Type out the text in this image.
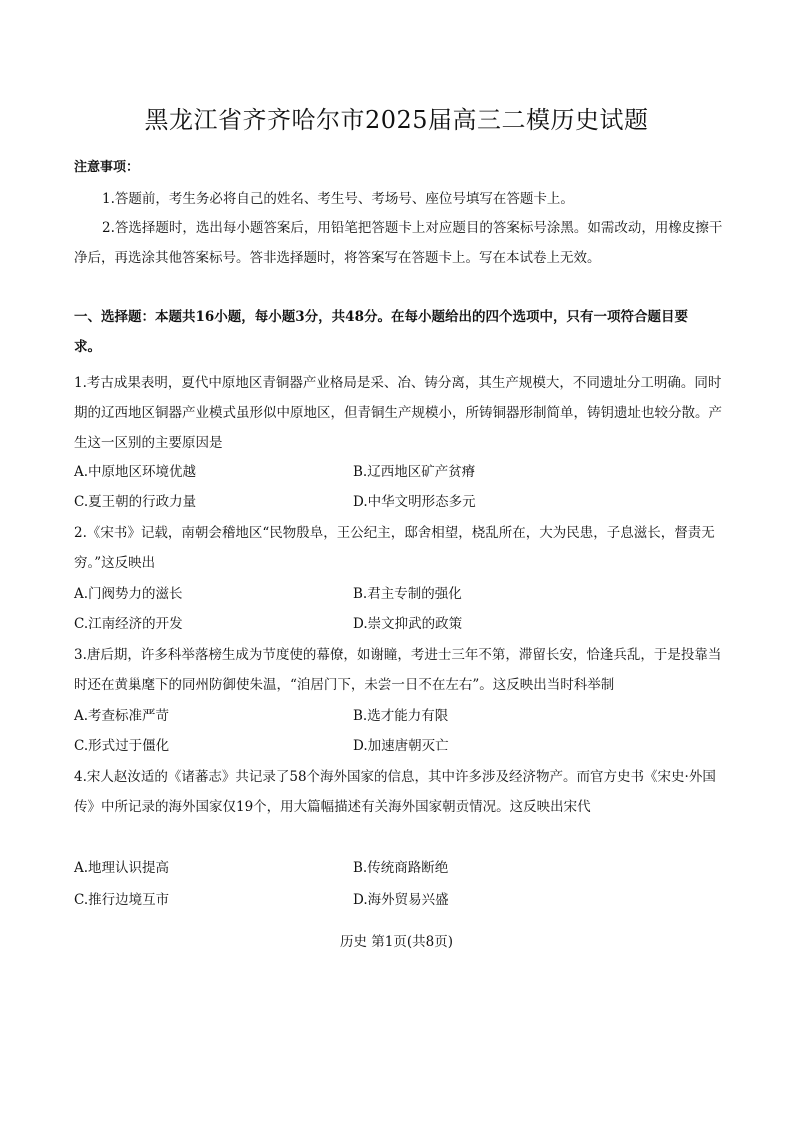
黑龙江省齐齐哈尔市2025届高三二模历史试题
注意事项：
1.答题前，考生务必将自己的姓名、考生号、考场号、座位号填写在答题卡上。
2.答选择题时，选出每小题答案后，用铅笔把答题卡上对应题目的答案标号涂黑。如需改动，用橡皮擦干净后，再选涂其他答案标号。答非选择题时，将答案写在答题卡上。写在本试卷上无效。
一、选择题：本题共16小题，每小题3分，共48分。在每小题给出的四个选项中，只有一项符合题目要求。
1.考古成果表明，夏代中原地区青铜器产业格局是采、冶、铸分离，其生产规模大，不同遗址分工明确。同时期的辽西地区铜器产业模式虽形似中原地区，但青铜生产规模小，所铸铜器形制简单，铸钥遗址也较分散。产生这一区别的主要原因是
A.中原地区环境优越	B.辽西地区矿产贫瘠
C.夏王朝的行政力量	D.中华文明形态多元
2.《宋书》记载，南朝会稽地区“民物殷阜，王公纪主，邸舍相望，桡乱所在，大为民患，子息滋长，督责无穷。”这反映出
A.门阀势力的滋长	B.君主专制的强化
C.江南经济的开发	D.崇文抑武的政策
3.唐后期，许多科举落榜生成为节度使的幕僚，如谢瞳，考进士三年不第，滞留长安，恰逢兵乱，于是投靠当时还在黄巢麾下的同州防御使朱温，“洎居门下，未尝一日不在左右”。这反映出当时科举制
A.考查标准严苛	B.选才能力有限
C.形式过于僵化	D.加速唐朝灭亡
4.宋人赵汝适的《诸蕃志》共记录了58个海外国家的信息，其中许多涉及经济物产。而官方史书《宋史·外国传》中所记录的海外国家仅19个，用大篇幅描述有关海外国家朝贡情况。这反映出宋代
A.地理认识提高	B.传统商路断绝
C.推行边境互市	D.海外贸易兴盛
历史 第1页(共8页)
